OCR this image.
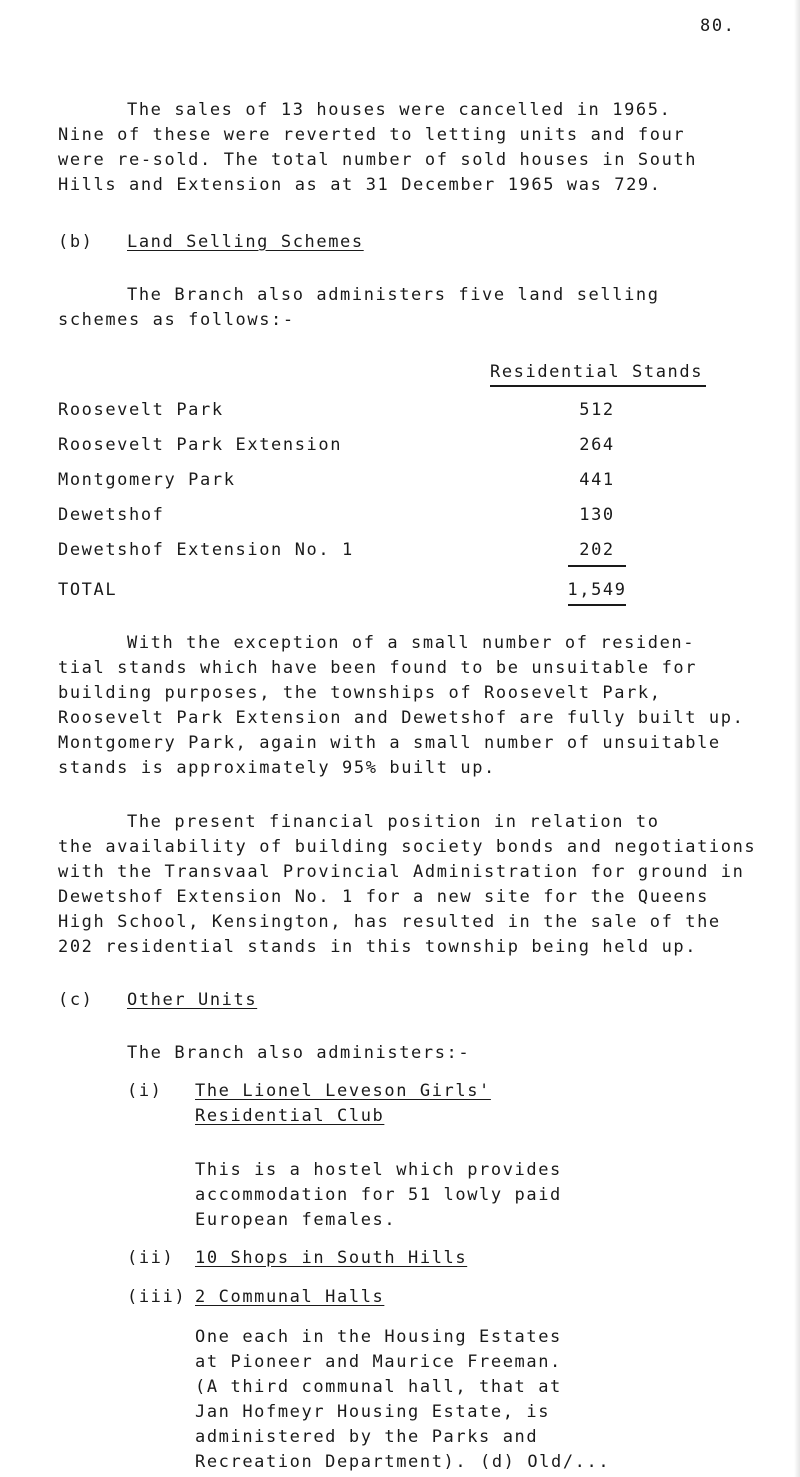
80.

The sales of 13 houses were cancelled in 1965.

Nine of these were reverted to letting units and four

were re-sold. The total number of sold houses in South

Hills and Extension as at 31 December 1965 was 729.

(b) Land Selling Schemes

The Branch also administers five land selling

schemes as follows:-

Residential Stands

Roosevelt Park	512

Roosevelt Park Extension	264

Montgomery Park	441

Dewetshof	130

Dewetshof Extension No. 1	202

TOTAL	1,549

With the exception of a small number of residen-

tial stands which have been found to be unsuitable for

building purposes, the townships of Roosevelt Park,

Roosevelt Park Extension and Dewetshof are fully built up.

Montgomery Park, again with a small number of unsuitable

stands is approximately 95% built up.

The present financial position in relation to

the availability of building society bonds and negotiations

with the Transvaal Provincial Administration for ground in

Dewetshof Extension No. 1 for a new site for the Queens

High School, Kensington, has resulted in the sale of the

202 residential stands in this township being held up.

(c) Other Units

The Branch also administers:-

(i) The Lionel Leveson Girls'

Residential Club

This is a hostel which provides

accommodation for 51 lowly paid

European females.

(ii) 10 Shops in South Hills

(iii) 2 Communal Halls

One each in the Housing Estates

at Pioneer and Maurice Freeman.

(A third communal hall, that at

Jan Hofmeyr Housing Estate, is

administered by the Parks and

Recreation Department). (d) Old/...
